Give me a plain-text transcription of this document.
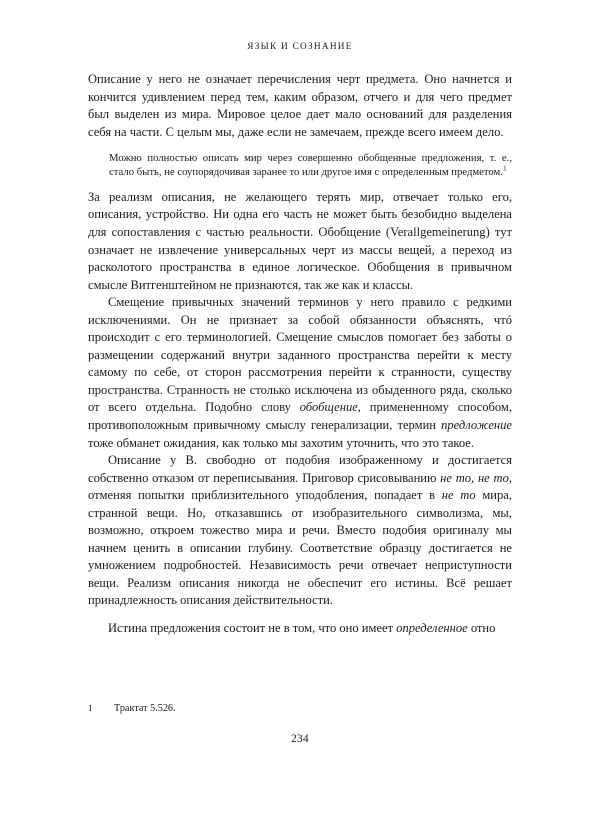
ЯЗЫК И СОЗНАНИЕ

Описание у него не означает перечисления черт предмета. Оно начнется и кончится удивлением перед тем, каким образом, отчего и для чего предмет был выделен из мира. Мировое целое дает мало оснований для разделения себя на части. С целым мы, даже если не замечаем, прежде всего имеем дело.

Можно полностью описать мир через совершенно обобщенные предложения, т. е., стало быть, не соупорядочивая заранее то или другое имя с определенным предметом.$^1$

За реализм описания, не желающего терять мир, отвечает только его, описания, устройство. Ни одна его часть не может быть безобидно выделена для сопоставления с частью реальности. Обобщение (Verallgemeinerung) тут означает не извлечение универсальных черт из массы вещей, а переход из расколотого пространства в единое логическое. Обобщения в привычном смысле Витгенштейном не признаются, так же как и классы.

Смещение привычных значений терминов у него правило с редкими исключениями. Он не признает за собой обязанности объяснять, чтó происходит с его терминологией. Смещение смыслов помогает без заботы о размещении содержаний внутри заданного пространства перейти к месту самому по себе, от сторон рассмотрения перейти к странности, существу пространства. Странность не столько исключена из обыденного ряда, сколько от всего отдельна. Подобно слову обобщение, примененному способом, противоположным привычному смыслу генерализации, термин предложение тоже обманет ожидания, как только мы захотим уточнить, что это такое.

Описание у В. свободно от подобия изображенному и достигается собственно отказом от переписывания. Приговор срисовыванию не то, не то, отменяя попытки приблизительного уподобления, попадает в не то мира, странной вещи. Но, отказавшись от изобразительного символизма, мы, возможно, откроем тожество мира и речи. Вместо подобия оригиналу мы начнем ценить в описании глубину. Соответствие образцу достигается не умножением подробностей. Независимость речи отвечает неприступности вещи. Реализм описания никогда не обеспечит его истины. Всё решает принадлежность описания действительности.

Истина предложения состоит не в том, что оно имеет определенное отно

1	Трактат 5.526.
234
